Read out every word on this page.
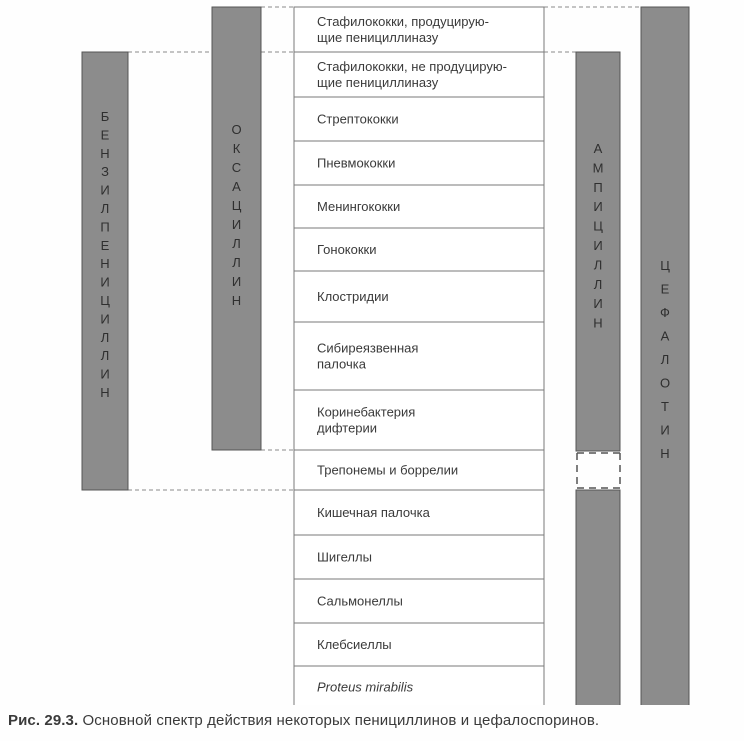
Б Е Н З И Л П Е Н И Ц И Л Л И Н
О К С А Ц И Л Л И Н
А М П И Ц И Л Л И Н
Ц Е Ф А Л О Т И Н
Стафилококки, продуцирую-
щие пенициллиназу
Стафилококки, не продуцирую-
щие пенициллиназу
Стрептококки
Пневмококки
Менингококки
Гонококки
Клостридии
Сибиреязвенная
палочка
Коринебактерия
дифтерии
Трепонемы и боррелии
Кишечная палочка
Шигеллы
Сальмонеллы
Клебсиеллы
Proteus mirabilis
Рис. 29.3. Основной спектр действия некоторых пенициллинов и цефалоспоринов.
